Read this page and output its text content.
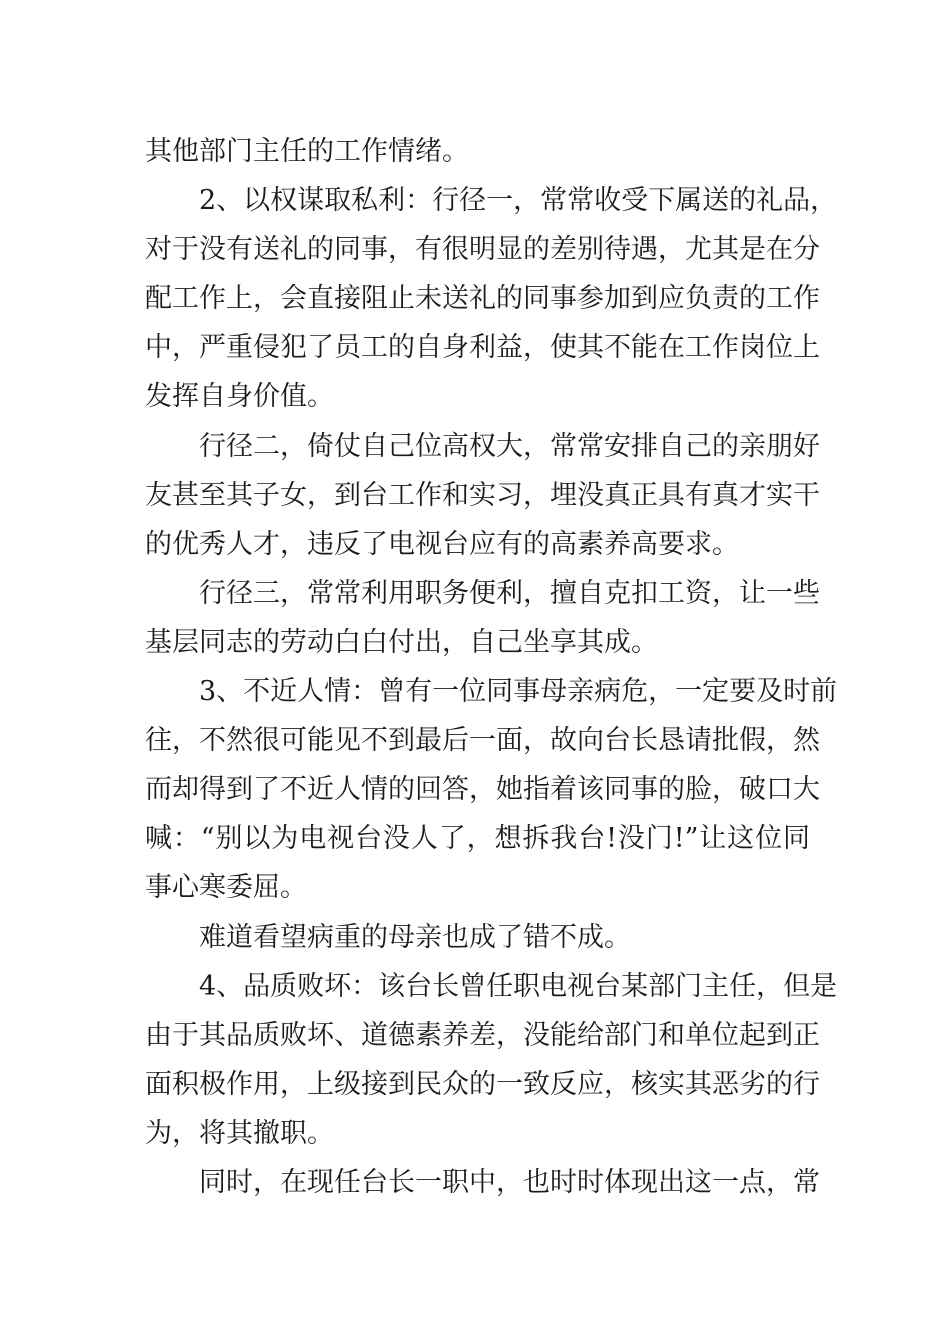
其他部门主任的工作情绪。
2、以权谋取私利：行径一，常常收受下属送的礼品，
对于没有送礼的同事，有很明显的差别待遇，尤其是在分
配工作上，会直接阻止未送礼的同事参加到应负责的工作
中，严重侵犯了员工的自身利益，使其不能在工作岗位上
发挥自身价值。
行径二，倚仗自己位高权大，常常安排自己的亲朋好
友甚至其子女，到台工作和实习，埋没真正具有真才实干
的优秀人才，违反了电视台应有的高素养高要求。
行径三，常常利用职务便利，擅自克扣工资，让一些
基层同志的劳动白白付出，自己坐享其成。
3、不近人情：曾有一位同事母亲病危，一定要及时前
往，不然很可能见不到最后一面，故向台长恳请批假，然
而却得到了不近人情的回答，她指着该同事的脸，破口大
喊：“别以为电视台没人了，想拆我台!没门!”让这位同
事心寒委屈。
难道看望病重的母亲也成了错不成。
4、品质败坏：该台长曾任职电视台某部门主任，但是
由于其品质败坏、道德素养差，没能给部门和单位起到正
面积极作用，上级接到民众的一致反应，核实其恶劣的行
为，将其撤职。
同时，在现任台长一职中，也时时体现出这一点，常
